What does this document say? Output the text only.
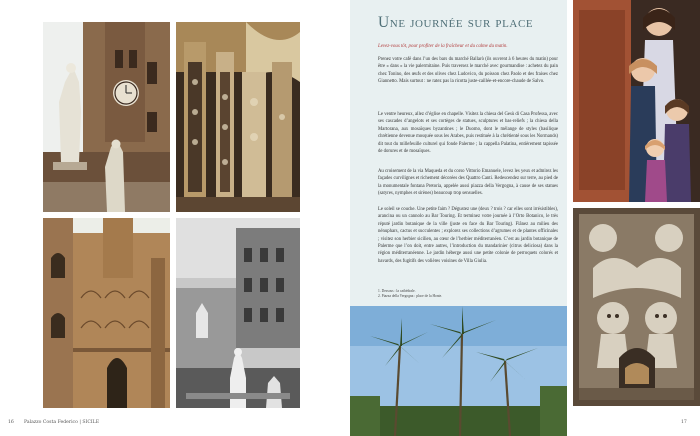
Une journée sur place
Levez-vous tôt, pour profiter de la fraîcheur et du calme du matin.

Prenez votre café dans l’un des bars du marché Ballarò (ils ouvrent à 6 heures du matin) pour être « dans » la vie palermitaine. Puis traversez le marché avec gourmandise : achetez du pain chez Tonino, des œufs et des olives chez Ludovico, du poisson chez Paolo et des fraises chez Giannetto. Mais surtout : ne ratez pas la ricotta juste-caillée-et-encore-chaude de Salvo.

Le ventre heureux, allez d’église en chapelle. Visitez la chiesa del Gesù di Casa Professa, avec ses cascades d’angelots et ses cortèges de statues, sculptures et bas-reliefs ; la chiesa della Martorana, aux mosaïques byzantines ; le Duomo, dont le mélange de styles (basilique chrétienne devenue mosquée sous les Arabes, puis restituée à la chrétienté sous les Normands) dit tout du millefeuille culturel qui fonde Palerme ; la cappella Palatina, entièrement tapissée de dorures et de mosaïques.

Au croisement de la via Maqueda et du corso Vittorio Emanuele, levez les yeux et admirez les façades curvilignes et richement décorées des Quattro Canti. Redescendez sur terre, au pied de la monumentale fontana Pretoria, appelée aussi piazza della Vergogna, à cause de ses statues (satyres, nymphes et sirènes) beaucoup trop sensuelles.

Le soleil se couche. Une petite faim ? Dégustez une (deux ? trois ? car elles sont irrésistibles), arancina ou un cannolo au Bar Touring. Et terminez votre journée à l’Orto Botanico, le très réputé jardin botanique de la ville (juste en face du Bar Touring). Flânez au milieu des nénuphars, cactus et succulentes ; explorez ses collections d’agrumes et de plantes officinales ; visitez son herbier sicilien, au cœur de l’herbier méditerranéen. C’est au jardin botanique de Palerme que l’on doit, entre autres, l’introduction du mandarinier (citrus deliciosa) dans la région méditerranéenne. Le jardin héberge aussi une petite colonie de perroquets colorés et bavards, des fugitifs des volières voisines de Villa Giulia.

1. Dessous : la cathédrale.
2. Piazza della Vergogna : place de la Honte.
16 Palazzo Costa Federico | SICILE	17
